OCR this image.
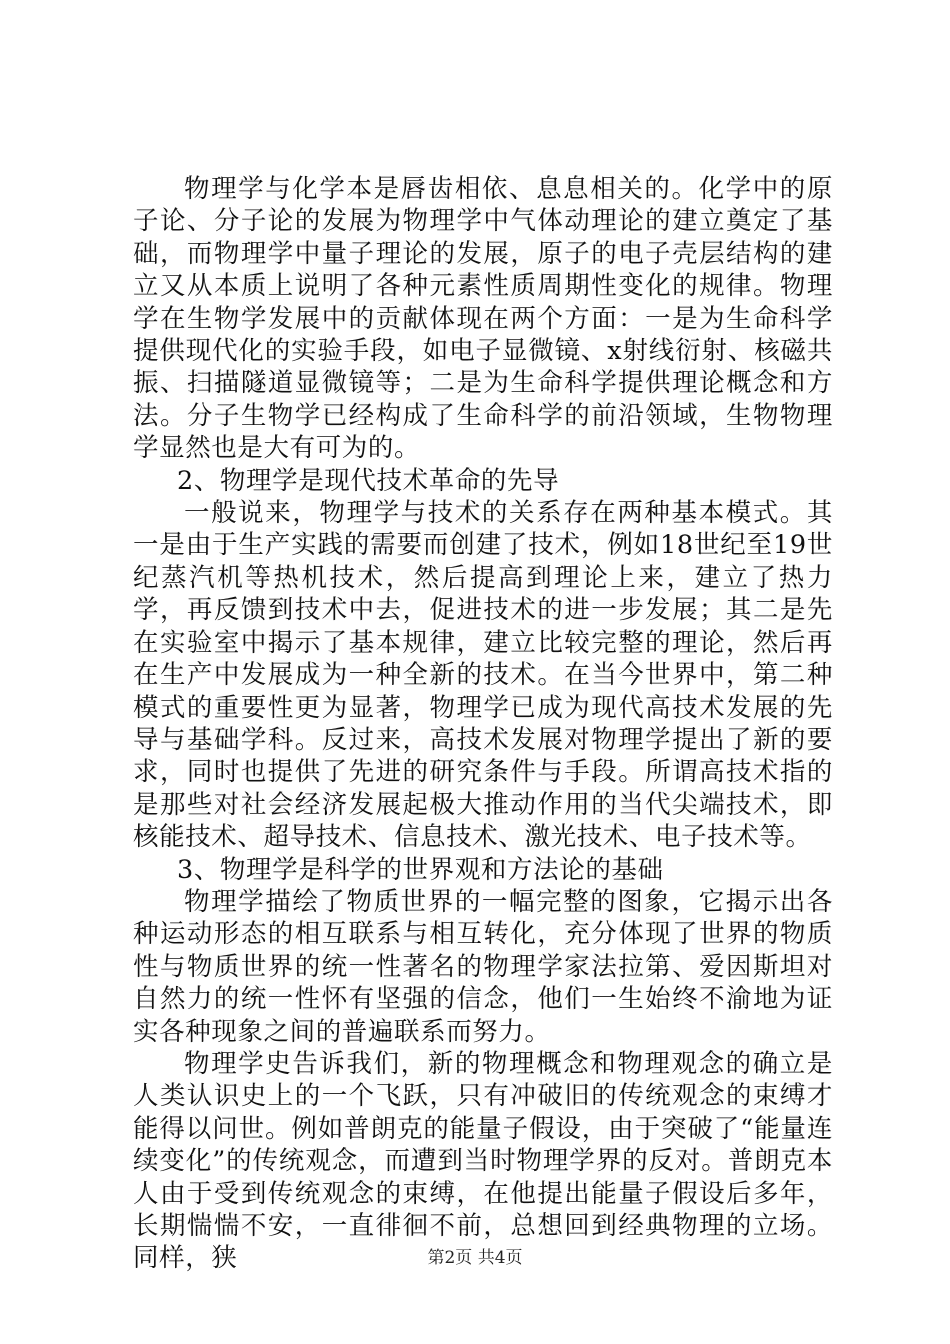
物理学与化学本是唇齿相依、息息相关的。化学中的原子论、分子论的发展为物理学中气体动理论的建立奠定了基础，而物理学中量子理论的发展，原子的电子壳层结构的建立又从本质上说明了各种元素性质周期性变化的规律。物理学在生物学发展中的贡献体现在两个方面：一是为生命科学提供现代化的实验手段，如电子显微镜、x射线衍射、核磁共振、扫描隧道显微镜等；二是为生命科学提供理论概念和方法。分子生物学已经构成了生命科学的前沿领域，生物物理学显然也是大有可为的。

2、物理学是现代技术革命的先导

一般说来，物理学与技术的关系存在两种基本模式。其一是由于生产实践的需要而创建了技术，例如18世纪至19世纪蒸汽机等热机技术，然后提高到理论上来，建立了热力学，再反馈到技术中去，促进技术的进一步发展；其二是先在实验室中揭示了基本规律，建立比较完整的理论，然后再在生产中发展成为一种全新的技术。在当今世界中，第二种模式的重要性更为显著，物理学已成为现代高技术发展的先导与基础学科。反过来，高技术发展对物理学提出了新的要求，同时也提供了先进的研究条件与手段。所谓高技术指的是那些对社会经济发展起极大推动作用的当代尖端技术，即核能技术、超导技术、信息技术、激光技术、电子技术等。

3、物理学是科学的世界观和方法论的基础

物理学描绘了物质世界的一幅完整的图象，它揭示出各种运动形态的相互联系与相互转化，充分体现了世界的物质性与物质世界的统一性著名的物理学家法拉第、爱因斯坦对自然力的统一性怀有坚强的信念，他们一生始终不渝地为证实各种现象之间的普遍联系而努力。

物理学史告诉我们，新的物理概念和物理观念的确立是人类认识史上的一个飞跃，只有冲破旧的传统观念的束缚才能得以问世。例如普朗克的能量子假设，由于突破了“能量连续变化”的传统观念，而遭到当时物理学界的反对。普朗克本人由于受到传统观念的束缚，在他提出能量子假设后多年，长期惴惴不安，一直徘徊不前，总想回到经典物理的立场。同样，狭	第2页 共4页
